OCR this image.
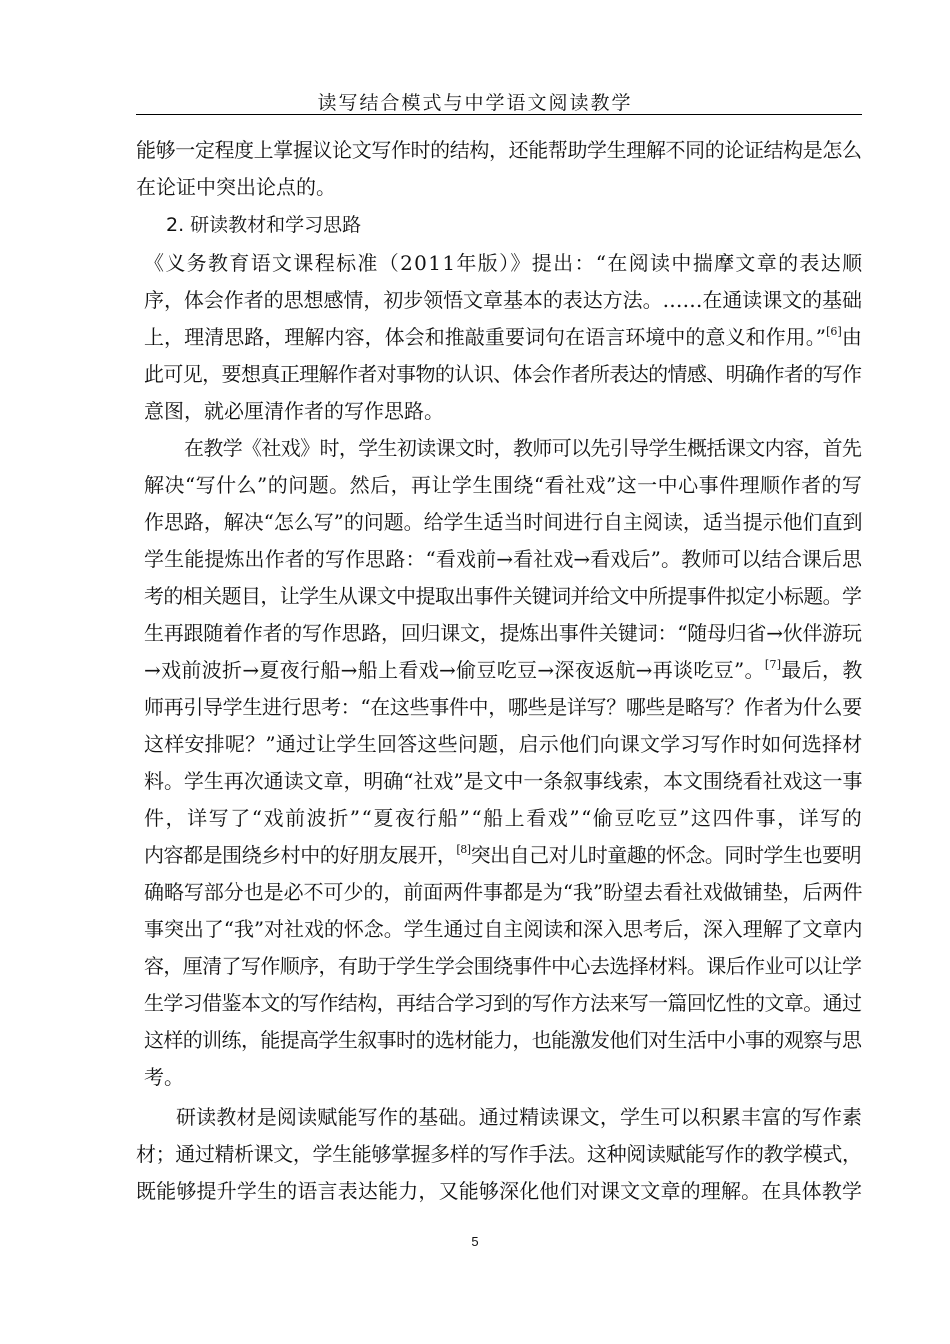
读写结合模式与中学语文阅读教学
能够一定程度上掌握议论文写作时的结构，还能帮助学生理解不同的论证结构是怎么
在论证中突出论点的。
2. 研读教材和学习思路
《义务教育语文课程标准（2011年版）》提出：“在阅读中揣摩文章的表达顺
序，体会作者的思想感情，初步领悟文章基本的表达方法。……在通读课文的基础
上，理清思路，理解内容，体会和推敲重要词句在语言环境中的意义和作用。”[6]由
此可见，要想真正理解作者对事物的认识、体会作者所表达的情感、明确作者的写作
意图，就必厘清作者的写作思路。
在教学《社戏》时，学生初读课文时，教师可以先引导学生概括课文内容，首先
解决“写什么”的问题。然后，再让学生围绕“看社戏”这一中心事件理顺作者的写
作思路，解决“怎么写”的问题。给学生适当时间进行自主阅读，适当提示他们直到
学生能提炼出作者的写作思路：“看戏前→看社戏→看戏后”。教师可以结合课后思
考的相关题目，让学生从课文中提取出事件关键词并给文中所提事件拟定小标题。学
生再跟随着作者的写作思路，回归课文，提炼出事件关键词：“随母归省→伙伴游玩
→戏前波折→夏夜行船→船上看戏→偷豆吃豆→深夜返航→再谈吃豆”。[7]最后，教
师再引导学生进行思考：“在这些事件中，哪些是详写？哪些是略写？作者为什么要
这样安排呢？”通过让学生回答这些问题，启示他们向课文学习写作时如何选择材
料。学生再次通读文章，明确“社戏”是文中一条叙事线索，本文围绕看社戏这一事
件，详写了“戏前波折”“夏夜行船”“船上看戏”“偷豆吃豆”这四件事，详写的
内容都是围绕乡村中的好朋友展开，[8]突出自己对儿时童趣的怀念。同时学生也要明
确略写部分也是必不可少的，前面两件事都是为“我”盼望去看社戏做铺垫，后两件
事突出了“我”对社戏的怀念。学生通过自主阅读和深入思考后，深入理解了文章内
容，厘清了写作顺序，有助于学生学会围绕事件中心去选择材料。课后作业可以让学
生学习借鉴本文的写作结构，再结合学习到的写作方法来写一篇回忆性的文章。通过
这样的训练，能提高学生叙事时的选材能力，也能激发他们对生活中小事的观察与思
考。
研读教材是阅读赋能写作的基础。通过精读课文，学生可以积累丰富的写作素
材；通过精析课文，学生能够掌握多样的写作手法。这种阅读赋能写作的教学模式，
既能够提升学生的语言表达能力，又能够深化他们对课文文章的理解。在具体教学
5
